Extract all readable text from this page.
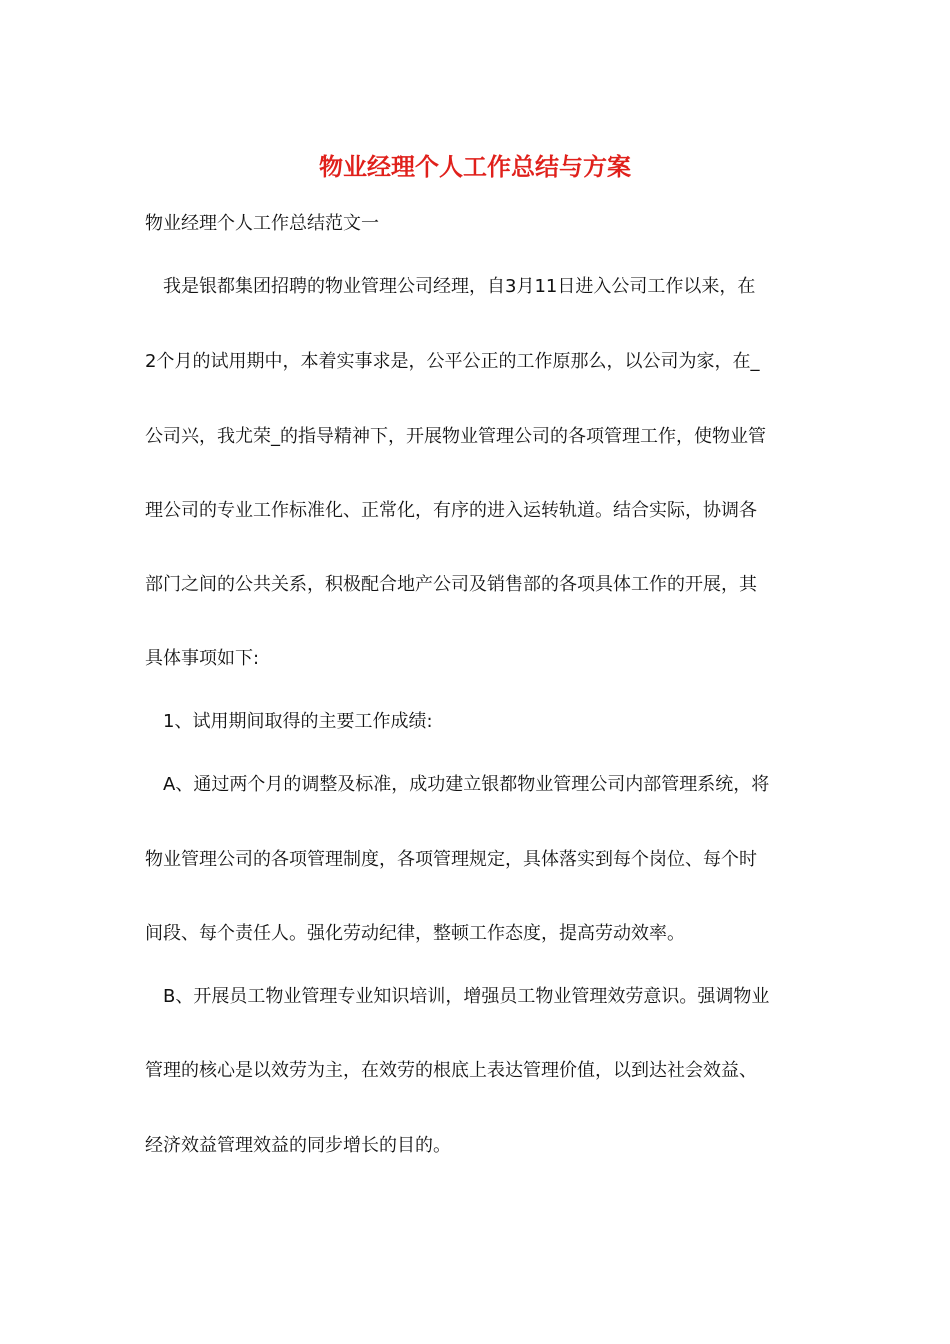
物业经理个人工作总结与方案

物业经理个人工作总结范文一

我是银都集团招聘的物业管理公司经理，自3月11日进入公司工作以来，在

2个月的试用期中，本着实事求是，公平公正的工作原那么，以公司为家，在_

公司兴，我尤荣_的指导精神下，开展物业管理公司的各项管理工作，使物业管

理公司的专业工作标准化、正常化，有序的进入运转轨道。结合实际，协调各

部门之间的公共关系，积极配合地产公司及销售部的各项具体工作的开展，其

具体事项如下:

1、试用期间取得的主要工作成绩:

A、通过两个月的调整及标准，成功建立银都物业管理公司内部管理系统，将

物业管理公司的各项管理制度，各项管理规定，具体落实到每个岗位、每个时

间段、每个责任人。强化劳动纪律，整顿工作态度，提高劳动效率。

B、开展员工物业管理专业知识培训，增强员工物业管理效劳意识。强调物业

管理的核心是以效劳为主，在效劳的根底上表达管理价值，以到达社会效益、

经济效益管理效益的同步增长的目的。
